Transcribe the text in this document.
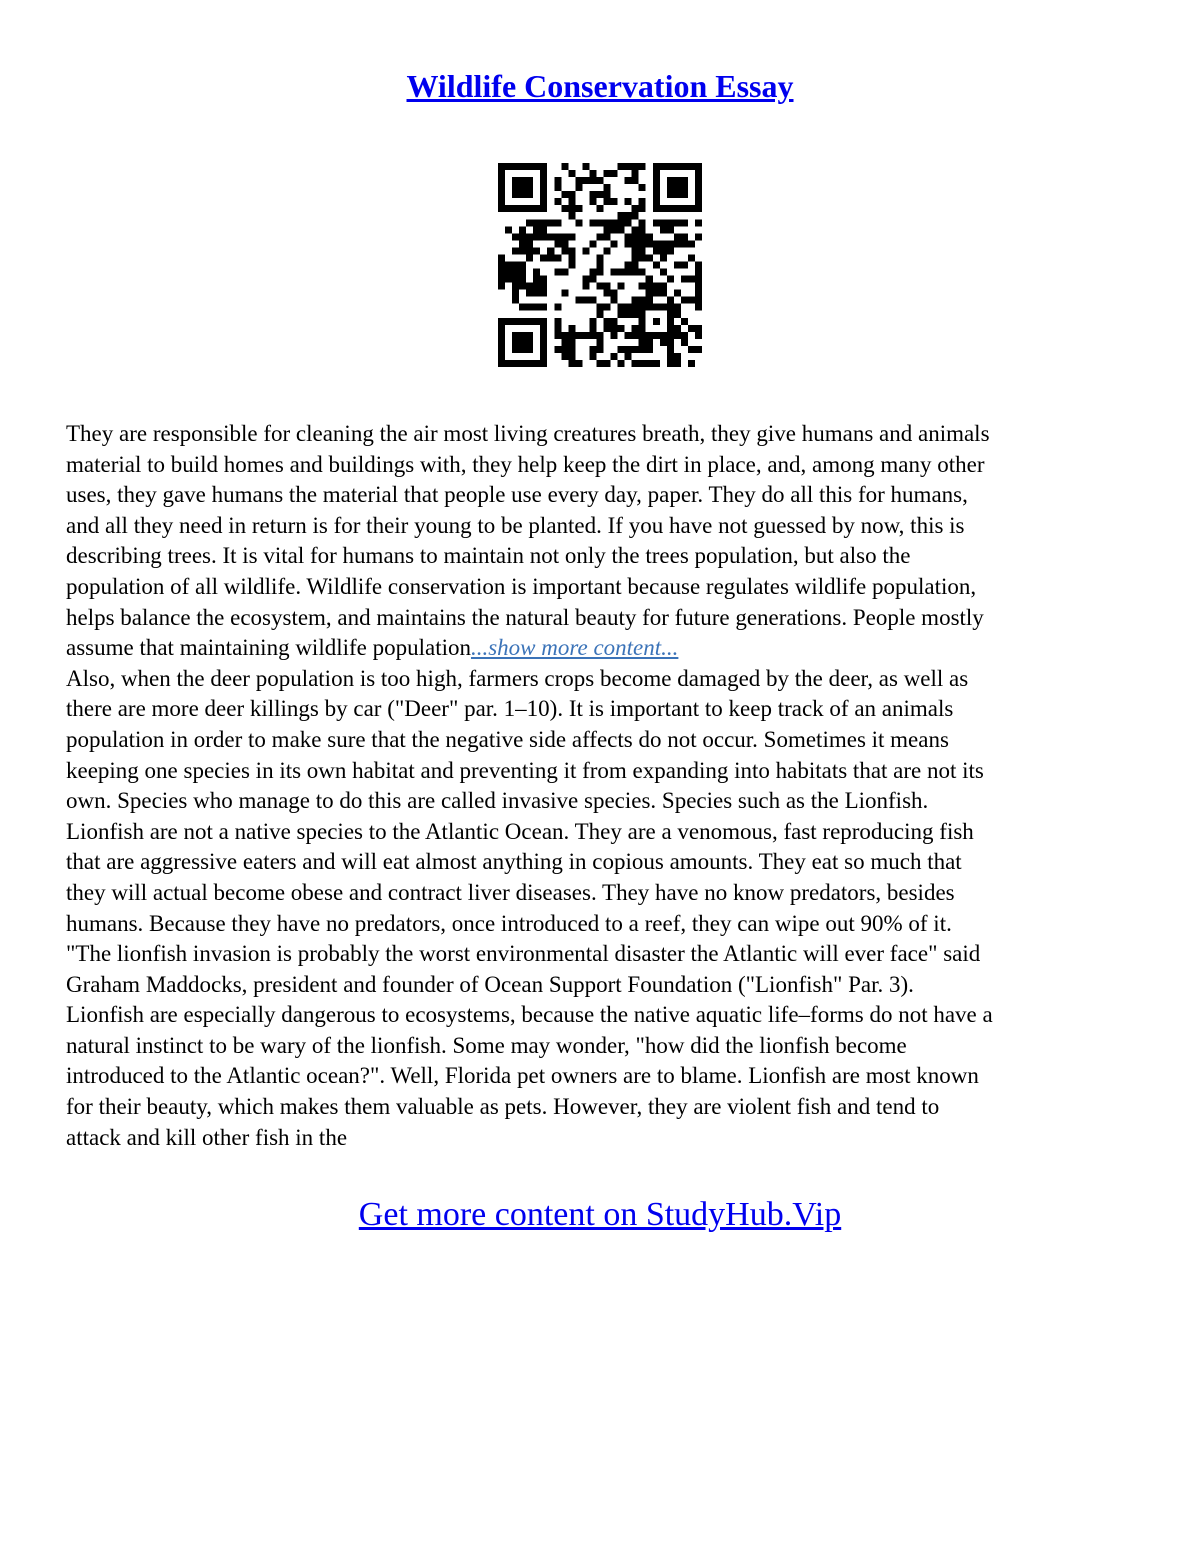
Wildlife Conservation Essay
They are responsible for cleaning the air most living creatures breath, they give humans and animals
material to build homes and buildings with, they help keep the dirt in place, and, among many other
uses, they gave humans the material that people use every day, paper. They do all this for humans,
and all they need in return is for their young to be planted. If you have not guessed by now, this is
describing trees. It is vital for humans to maintain not only the trees population, but also the
population of all wildlife. Wildlife conservation is important because regulates wildlife population,
helps balance the ecosystem, and maintains the natural beauty for future generations. People mostly
assume that maintaining wildlife population...show more content...
Also, when the deer population is too high, farmers crops become damaged by the deer, as well as
there are more deer killings by car ("Deer" par. 1–10). It is important to keep track of an animals
population in order to make sure that the negative side affects do not occur. Sometimes it means
keeping one species in its own habitat and preventing it from expanding into habitats that are not its
own. Species who manage to do this are called invasive species. Species such as the Lionfish.
Lionfish are not a native species to the Atlantic Ocean. They are a venomous, fast reproducing fish
that are aggressive eaters and will eat almost anything in copious amounts. They eat so much that
they will actual become obese and contract liver diseases. They have no know predators, besides
humans. Because they have no predators, once introduced to a reef, they can wipe out 90% of it.
"The lionfish invasion is probably the worst environmental disaster the Atlantic will ever face" said
Graham Maddocks, president and founder of Ocean Support Foundation ("Lionfish" Par. 3).
Lionfish are especially dangerous to ecosystems, because the native aquatic life–forms do not have a
natural instinct to be wary of the lionfish. Some may wonder, "how did the lionfish become
introduced to the Atlantic ocean?". Well, Florida pet owners are to blame. Lionfish are most known
for their beauty, which makes them valuable as pets. However, they are violent fish and tend to
attack and kill other fish in the
Get more content on StudyHub.Vip
